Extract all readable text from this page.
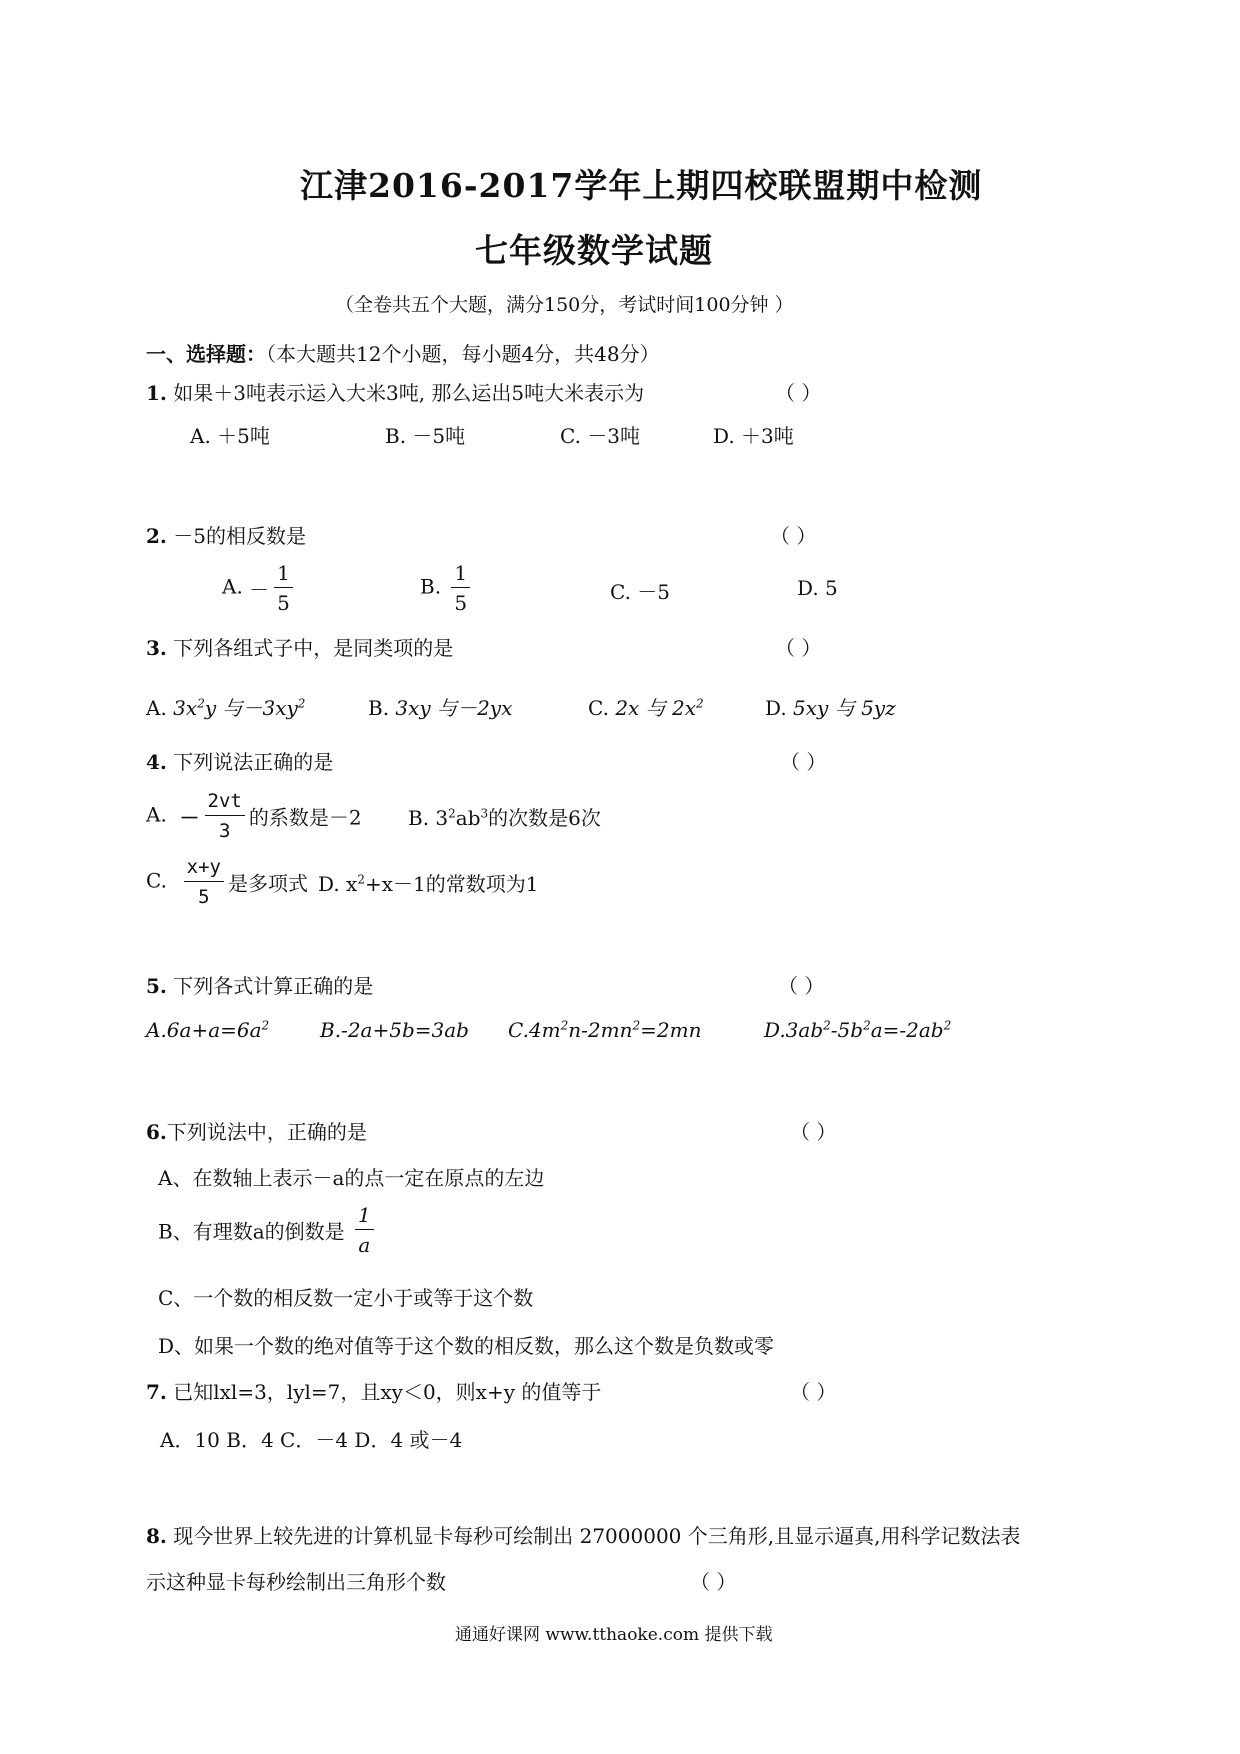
江津2016-2017学年上期四校联盟期中检测
七年级数学试题
（全卷共五个大题，满分150分，考试时间100分钟 ）
一、选择题：（本大题共12个小题，每小题4分，共48分）
1. 如果＋3吨表示运入大米3吨, 那么运出5吨大米表示为	（ ）
A. ＋5吨	B. －5吨	C. －3吨	D. ＋3吨
2. －5的相反数是	（ ）
A. － $\frac{1}{5}$	B. $\frac{1}{5}$	C. －5	D. 5
3. 下列各组式子中，是同类项的是	（ ）
A. $3x^2y$ 与$-3xy^2$	B. 3xy 与－2yx	C. 2x 与 $2x^2$	D. 5xy 与 5yz
4. 下列说法正确的是	（ ）
A. － $\frac{2vt}{3}$ 的系数是－2 B. $3^2ab^3$的次数是6次
C. $\frac{x+y}{5}$ 是多项式 D. $x^2+x-1$的常数项为1
5. 下列各式计算正确的是	（ ）
$A.6a+a=6a^2$	B.-2a+5b=3ab $C.4m^2n-2mn^2=2mn$	$D.3ab^2-5b^2a=-2ab^2$
6.下列说法中，正确的是	（ ）
A、在数轴上表示－a的点一定在原点的左边
B、有理数a的倒数是 $\frac{1}{a}$
C、一个数的相反数一定小于或等于这个数
D、如果一个数的绝对值等于这个数的相反数，那么这个数是负数或零
7. 已知lxl=3，lyl=7，且xy＜0，则x+y 的值等于	（ ）
A．10 B．4 C．－4 D．4 或－4
8. 现今世界上较先进的计算机显卡每秒可绘制出 27000000 个三角形,且显示逼真,用科学记数法表
示这种显卡每秒绘制出三角形个数	（ ）
通通好课网 www.tthaoke.com 提供下载
